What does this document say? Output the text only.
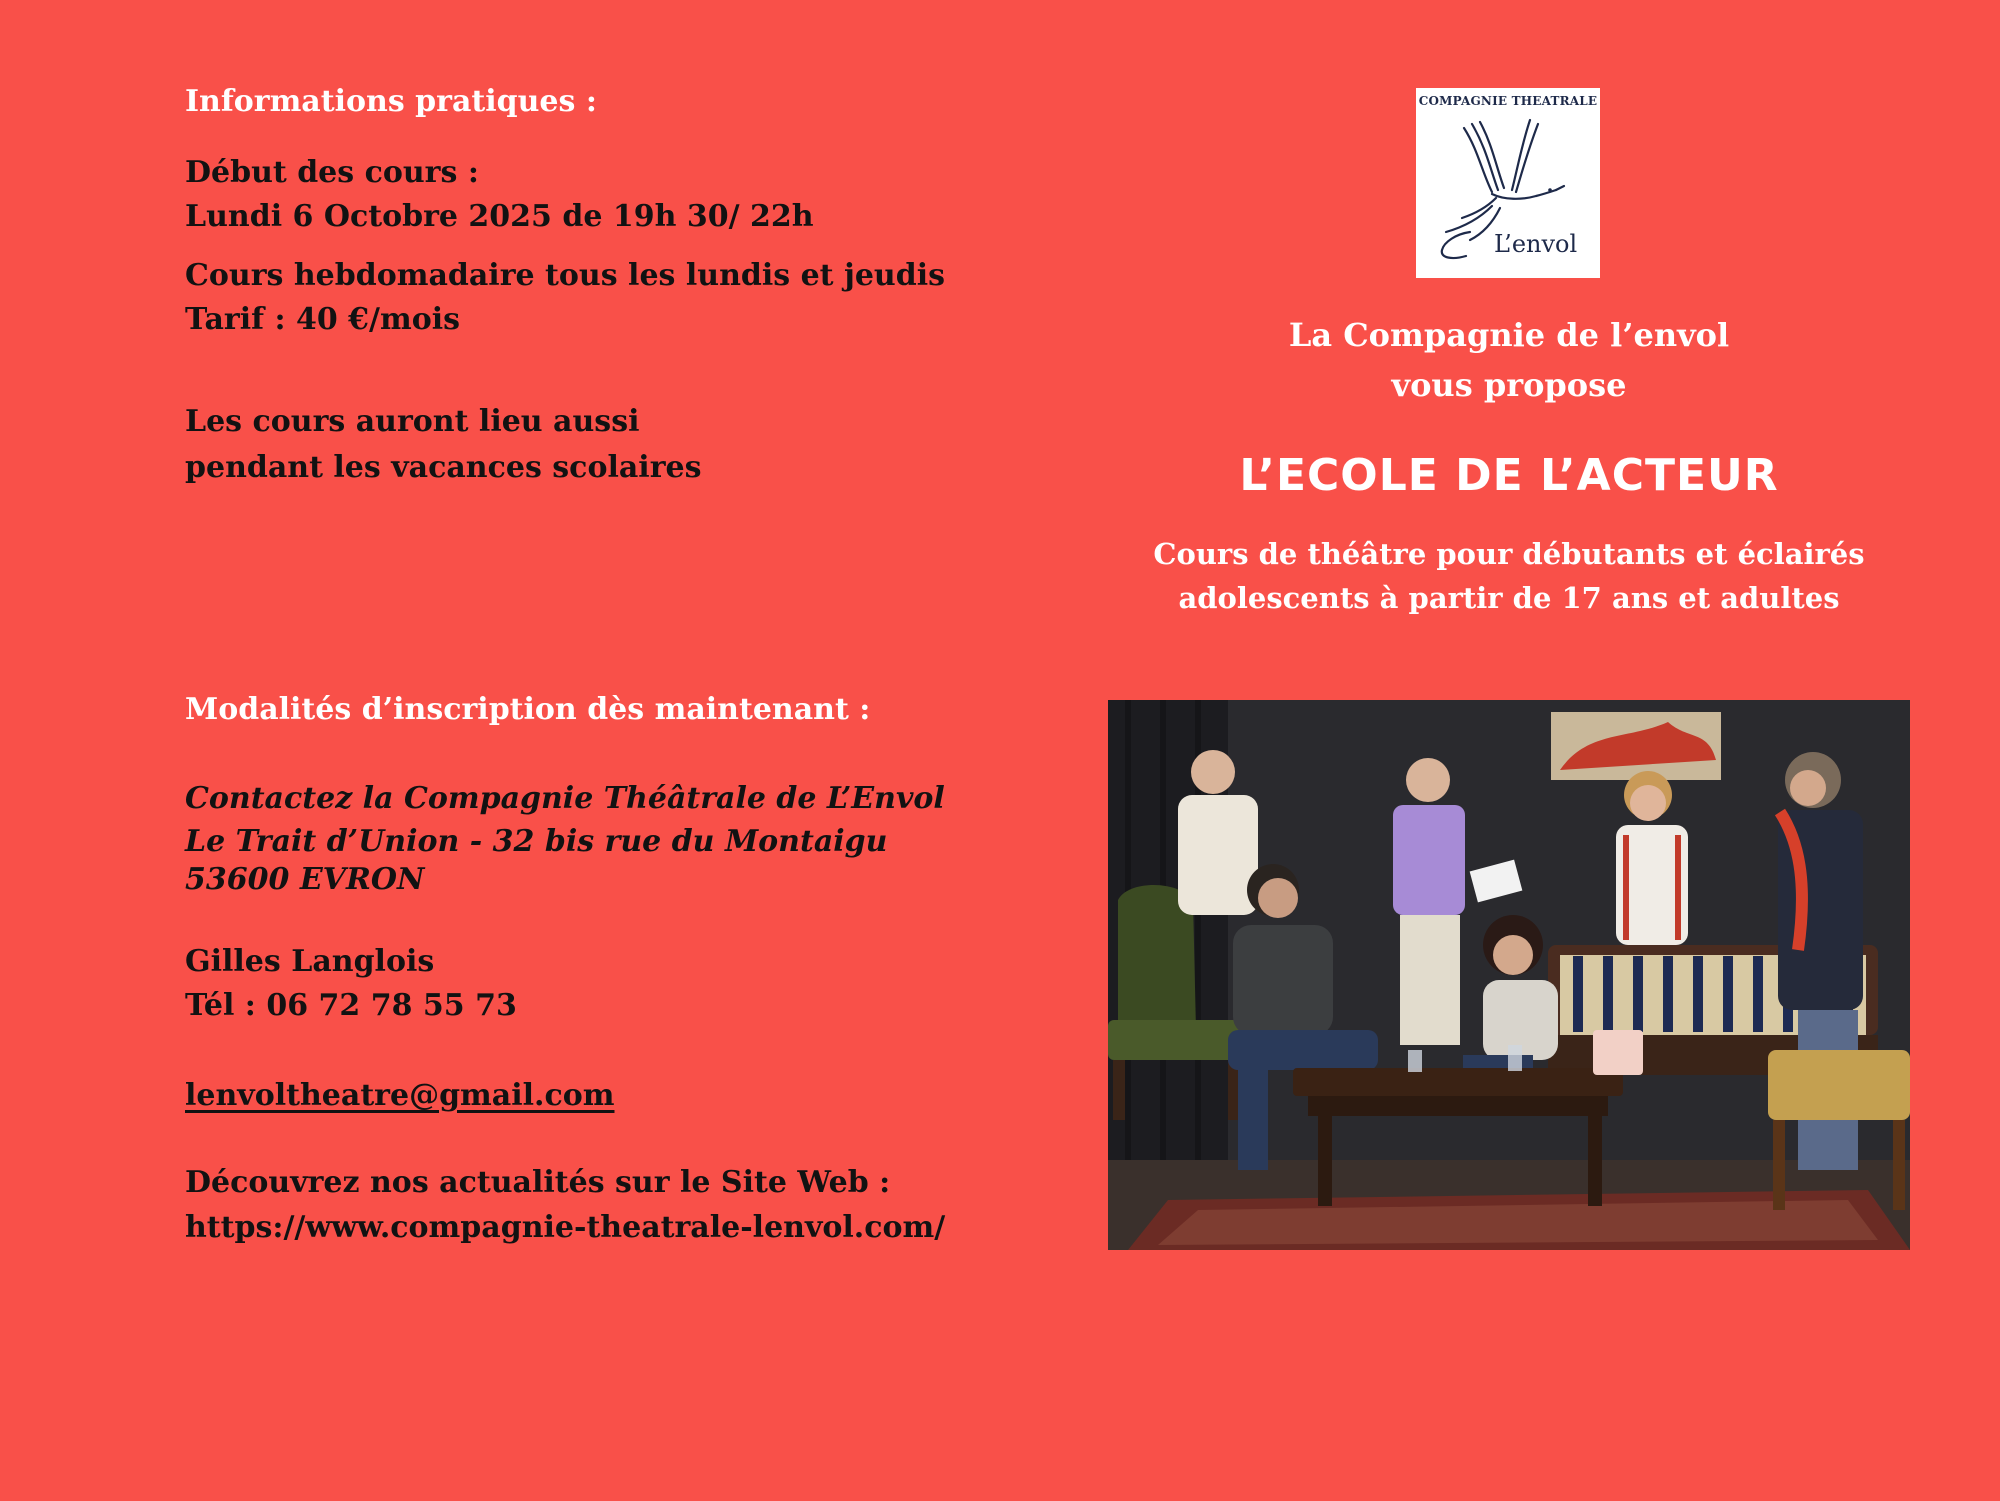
Informations pratiques :
Début des cours :
Lundi 6 Octobre 2025 de 19h 30/ 22h
Cours hebdomadaire tous les lundis et jeudis
Tarif : 40 €/mois
Les cours auront lieu aussi
pendant les vacances scolaires
Modalités d’inscription dès maintenant :
Contactez la Compagnie Théâtrale de L’Envol
Le Trait d’Union - 32 bis rue du Montaigu
53600 EVRON
Gilles Langlois
Tél : 06 72 78 55 73
lenvoltheatre@gmail.com
Découvrez nos actualités sur le Site Web :
https://www.compagnie-theatrale-lenvol.com/
COMPAGNIE THEATRALE
L’envol
La Compagnie de l’envol
vous propose
L’ECOLE DE L’ACTEUR
Cours de théâtre pour débutants et éclairés
adolescents à partir de 17 ans et adultes
